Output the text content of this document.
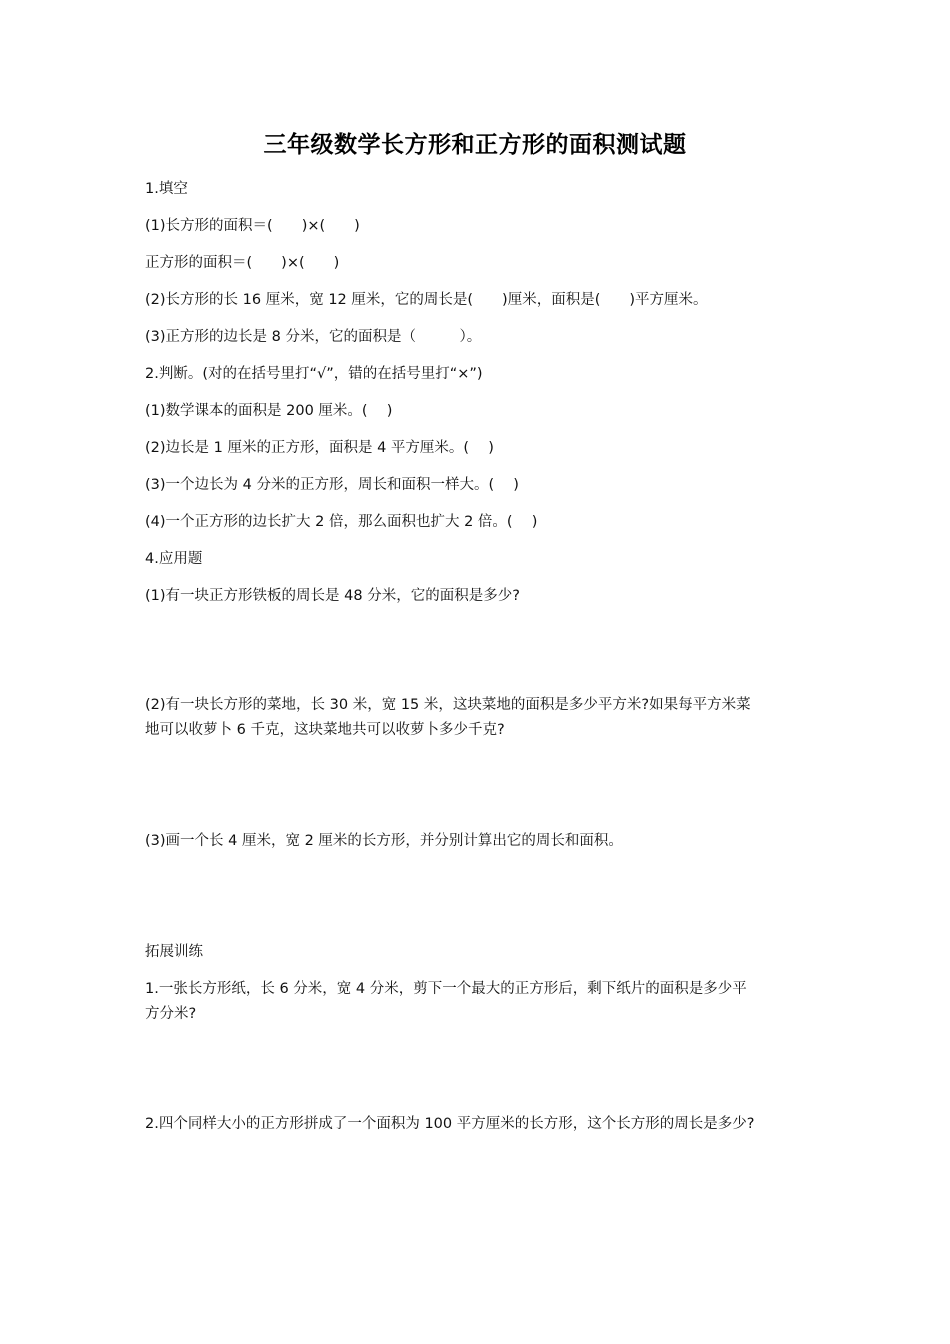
三年级数学长方形和正方形的面积测试题
1.填空
(1)长方形的面积＝(　　)×(　　)
正方形的面积＝(　　)×(　　)
(2)长方形的长 16 厘米，宽 12 厘米，它的周长是(　　)厘米，面积是(　　)平方厘米。
(3)正方形的边长是 8 分米，它的面积是（　　　）。
2.判断。(对的在括号里打“√”，错的在括号里打“×”)
(1)数学课本的面积是 200 厘米。(　 )
(2)边长是 1 厘米的正方形，面积是 4 平方厘米。(　 )
(3)一个边长为 4 分米的正方形，周长和面积一样大。(　 )
(4)一个正方形的边长扩大 2 倍，那么面积也扩大 2 倍。(　 )
4.应用题
(1)有一块正方形铁板的周长是 48 分米，它的面积是多少?
(2)有一块长方形的菜地，长 30 米，宽 15 米，这块菜地的面积是多少平方米?如果每平方米菜
地可以收萝卜 6 千克，这块菜地共可以收萝卜多少千克?
(3)画一个长 4 厘米，宽 2 厘米的长方形，并分别计算出它的周长和面积。
拓展训练
1.一张长方形纸，长 6 分米，宽 4 分米，剪下一个最大的正方形后，剩下纸片的面积是多少平
方分米?
2.四个同样大小的正方形拼成了一个面积为 100 平方厘米的长方形，这个长方形的周长是多少?
